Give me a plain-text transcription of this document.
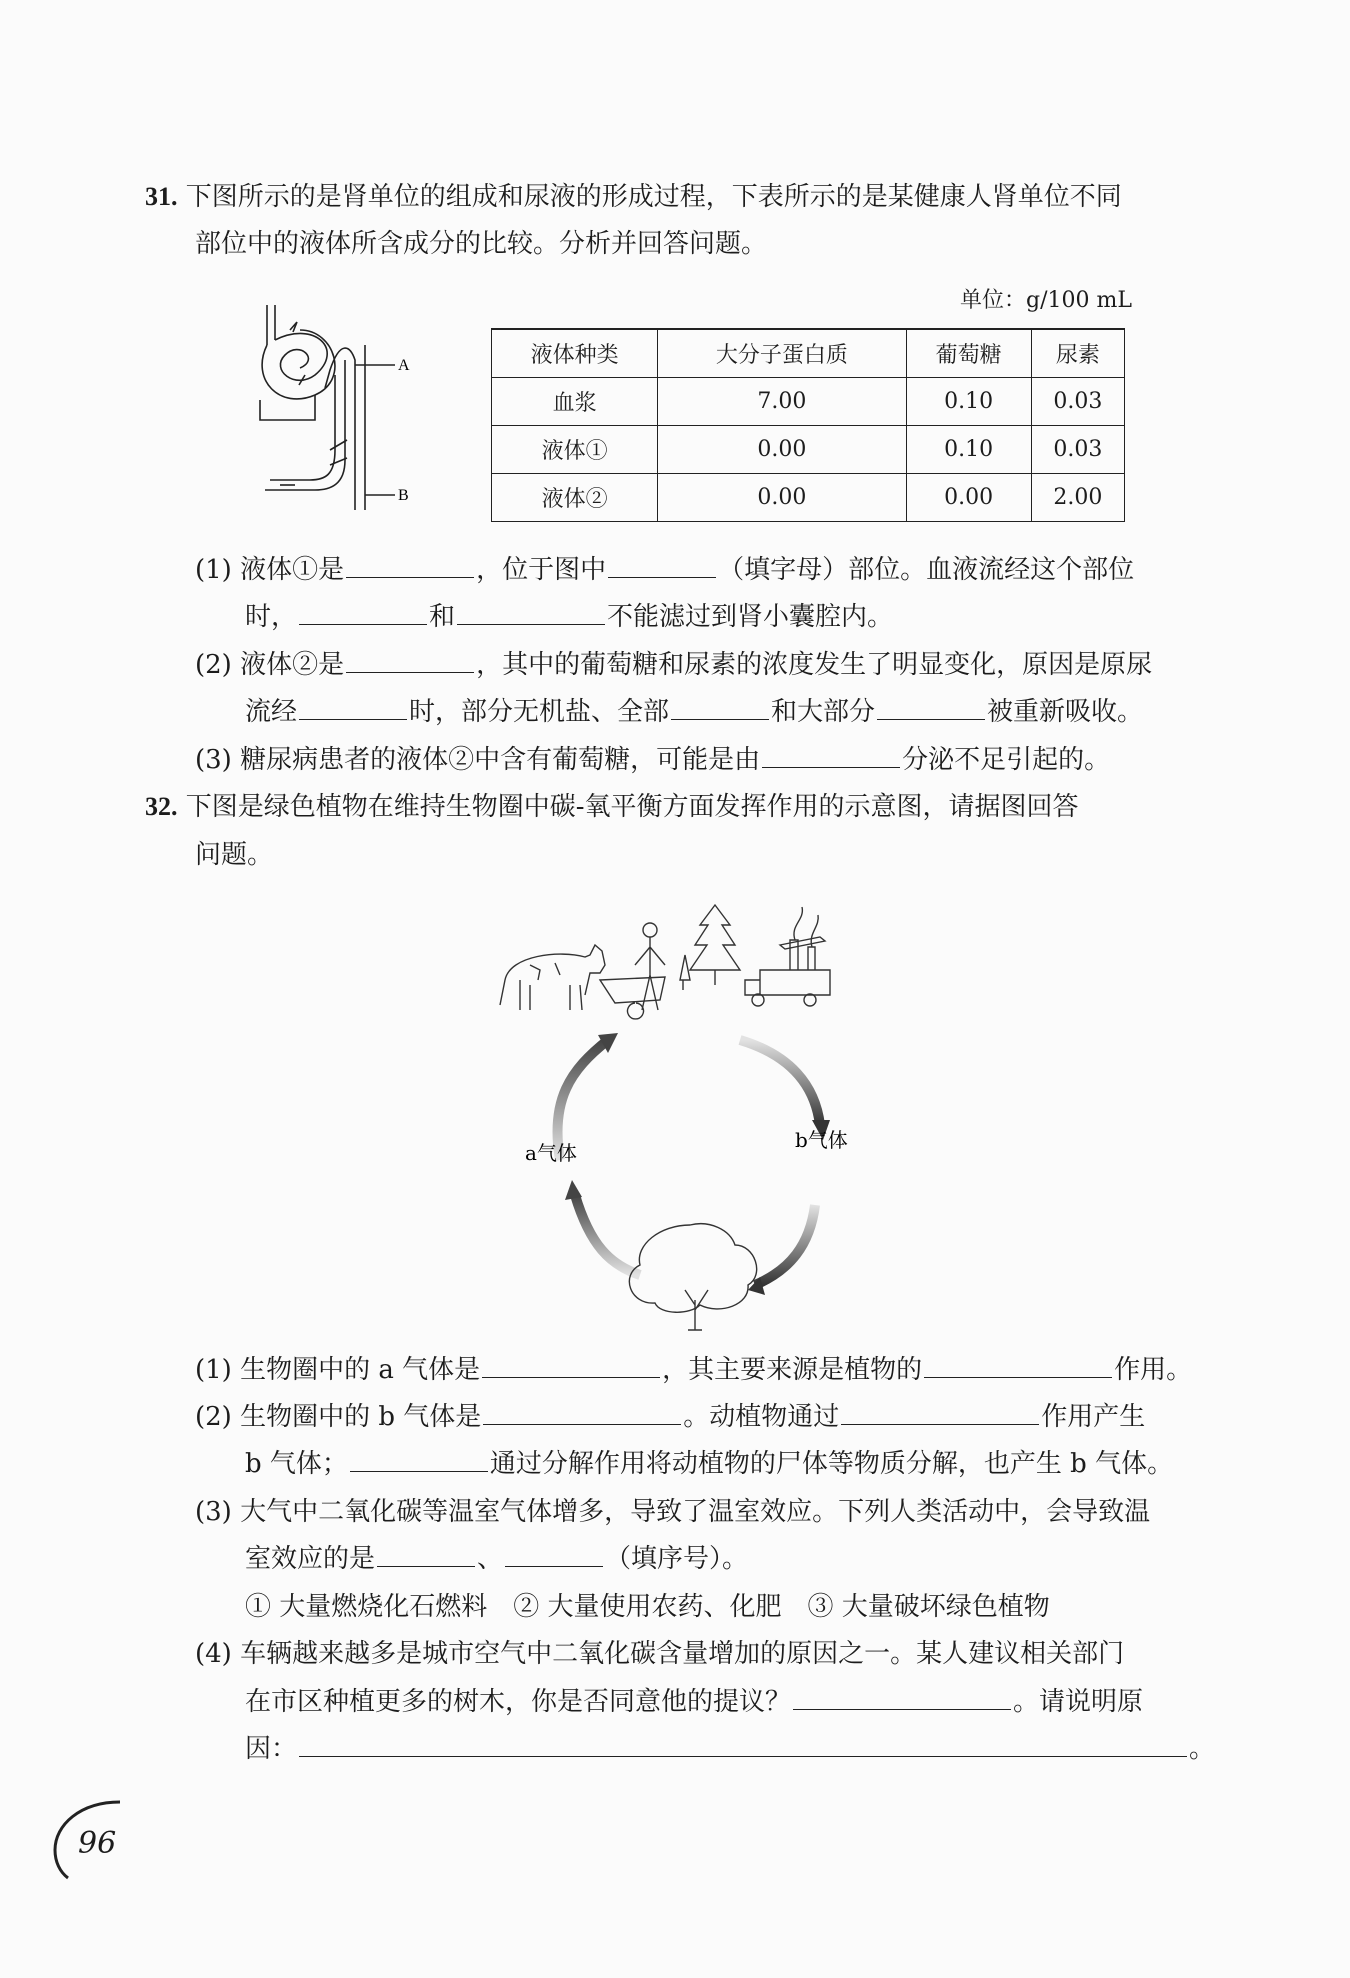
31. 下图所示的是肾单位的组成和尿液的形成过程，下表所示的是某健康人肾单位不同
部位中的液体所含成分的比较。分析并回答问题。
单位：g/100 mL
A
B
液体种类	大分子蛋白质	葡萄糖	尿素
血浆	7.00	0.10	0.03
液体①	0.00	0.10	0.03
液体②	0.00	0.00	2.00
(1) 液体①是	，位于图中	（填字母）部位。血液流经这个部位
时，	和	不能滤过到肾小囊腔内。
(2) 液体②是	，其中的葡萄糖和尿素的浓度发生了明显变化，原因是原尿
流经	时，部分无机盐、全部	和大部分	被重新吸收。
(3) 糖尿病患者的液体②中含有葡萄糖，可能是由	分泌不足引起的。
32. 下图是绿色植物在维持生物圈中碳-氧平衡方面发挥作用的示意图，请据图回答
问题。
a气体
b气体
(1) 生物圈中的 a 气体是	，其主要来源是植物的	作用。
(2) 生物圈中的 b 气体是	。动植物通过	作用产生
b 气体；	通过分解作用将动植物的尸体等物质分解，也产生 b 气体。
(3) 大气中二氧化碳等温室气体增多，导致了温室效应。下列人类活动中，会导致温
室效应的是	、	（填序号）。
① 大量燃烧化石燃料　② 大量使用农药、化肥　③ 大量破坏绿色植物
(4) 车辆越来越多是城市空气中二氧化碳含量增加的原因之一。某人建议相关部门
在市区种植更多的树木，你是否同意他的提议？	。请说明原
因：	。
96
